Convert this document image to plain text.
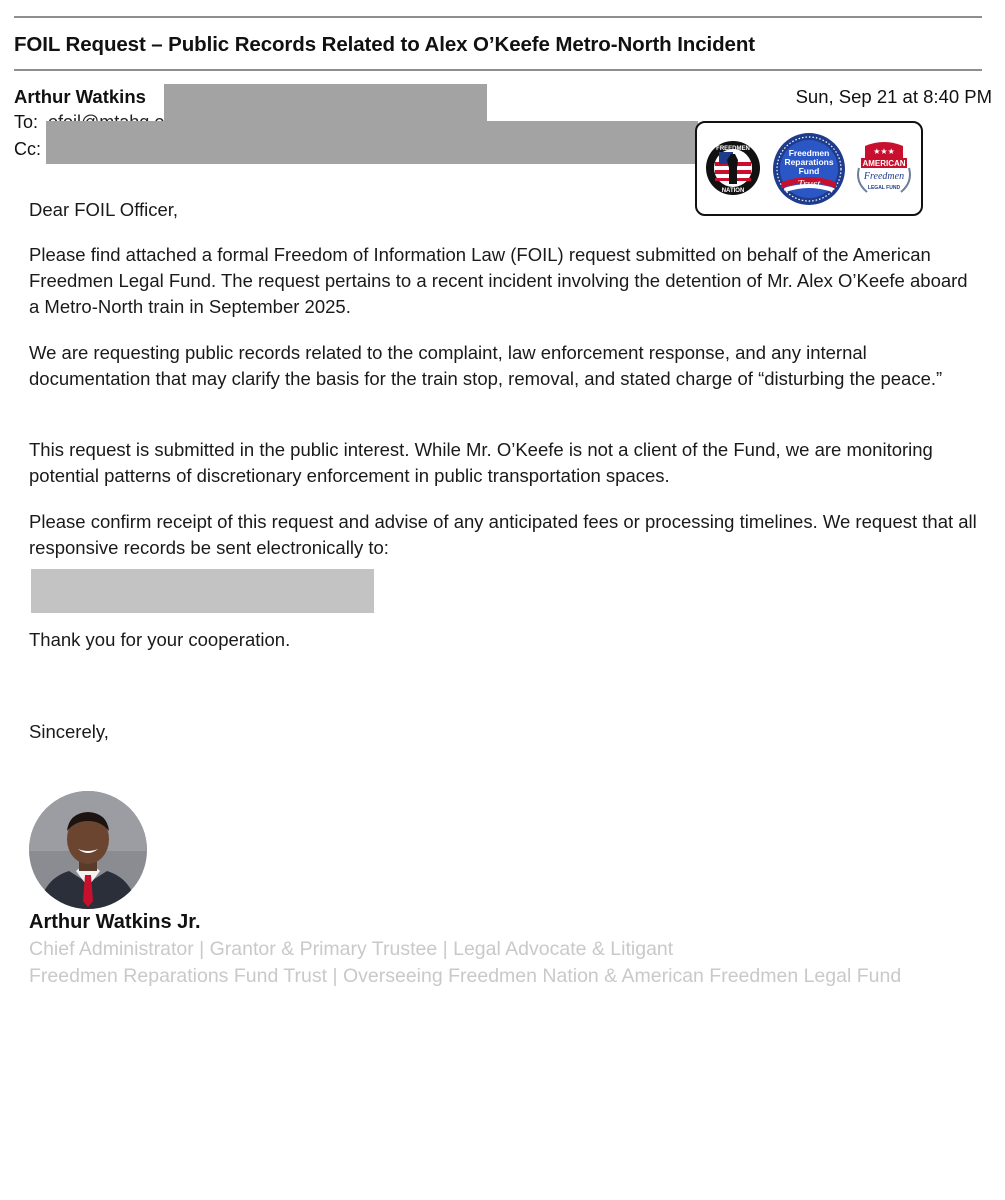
FOIL Request – Public Records Related to Alex O’Keefe Metro-North Incident
Arthur Watkins	Sun, Sep 21 at 8:40 PM
To:
Cc:	FREEDMEN
NATION
Freedmen
Reparations
Fund
Trust
★★★
AMERICAN
Freedmen
LEGAL FUND
Dear FOIL Officer,
Please find attached a formal Freedom of Information Law (FOIL) request submitted on behalf of the American Freedmen Legal Fund. The request pertains to a recent incident involving the detention of Mr. Alex O’Keefe aboard a Metro-North train in September 2025.
We are requesting public records related to the complaint, law enforcement response, and any internal documentation that may clarify the basis for the train stop, removal, and stated charge of “disturbing the peace.”
This request is submitted in the public interest. While Mr. O’Keefe is not a client of the Fund, we are monitoring potential patterns of discretionary enforcement in public transportation spaces.
Please confirm receipt of this request and advise of any anticipated fees or processing timelines. We request that all responsive records be sent electronically to:
Thank you for your cooperation.
Sincerely,
Arthur Watkins Jr.
Chief Administrator | Grantor & Primary Trustee | Legal Advocate & Litigant
Freedmen Reparations Fund Trust | Overseeing Freedmen Nation & American Freedmen Legal Fund
